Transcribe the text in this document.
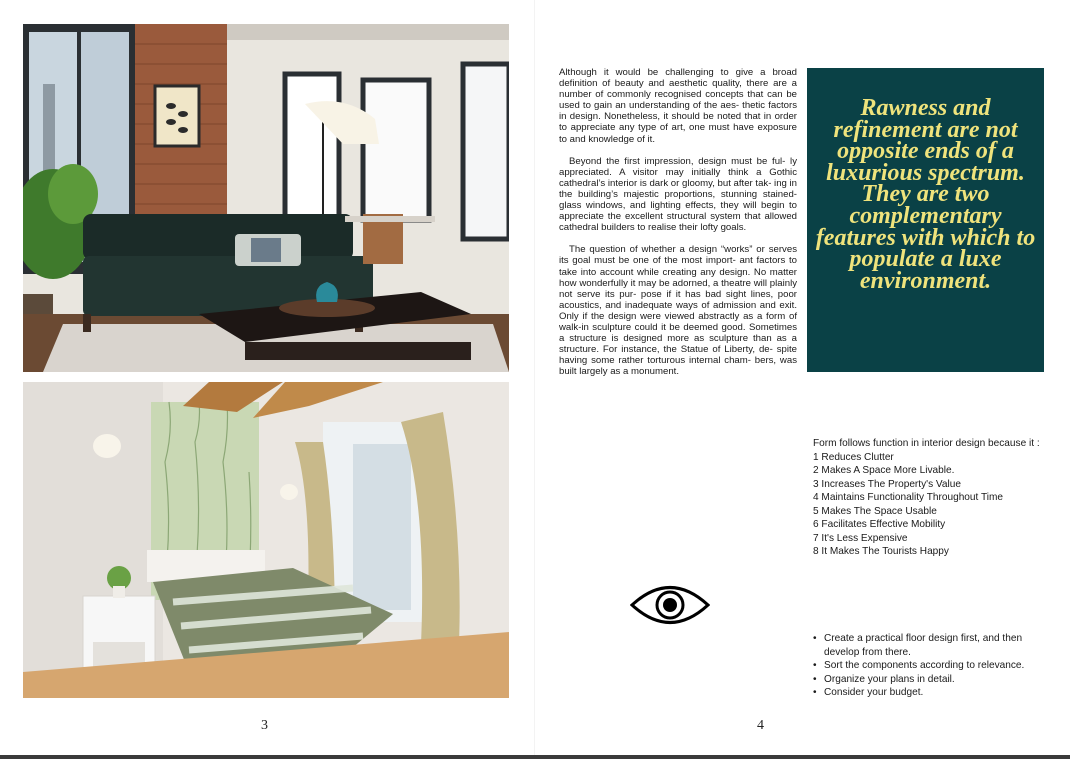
3	4

Although it would be challenging to give a broad definition of beauty and aesthetic quality, there are a number of commonly recognised concepts that can be used to gain an understanding of the aes- thetic factors in design. Nonetheless, it should be noted that in order to appreciate any type of art, one must have exposure to and knowledge of it.

Beyond the first impression, design must be ful- ly appreciated. A visitor may initially think a Gothic cathedral’s interior is dark or gloomy, but after tak- ing in the building’s majestic proportions, stunning stained-glass windows, and lighting effects, they will begin to appreciate the excellent structural system that allowed cathedral builders to realise their lofty goals.

The question of whether a design “works” or serves its goal must be one of the most import- ant factors to take into account while creating any design. No matter how wonderfully it may be adorned, a theatre will plainly not serve its pur- pose if it has bad sight lines, poor acoustics, and inadequate ways of admission and exit. Only if the design were viewed abstractly as a form of walk-in sculpture could it be deemed good. Sometimes a structure is designed more as sculpture than as a structure. For instance, the Statue of Liberty, de- spite having some rather torturous internal cham- bers, was built largely as a monument.

Rawness and refinement are not opposite ends of a luxurious spectrum. They are two complementary features with which to populate a luxe environment.

Form follows function in interior design because it :

1 Reduces Clutter
2 Makes A Space More Livable.
3 Increases The Property's Value
4 Maintains Functionality Throughout Time
5 Makes The Space Usable
6 Facilitates Effective Mobility
7 It's Less Expensive
8 It Makes The Tourists Happy
• Create a practical floor design first, and then develop from there.
• Sort the components according to relevance.
• Organize your plans in detail.
• Consider your budget.
